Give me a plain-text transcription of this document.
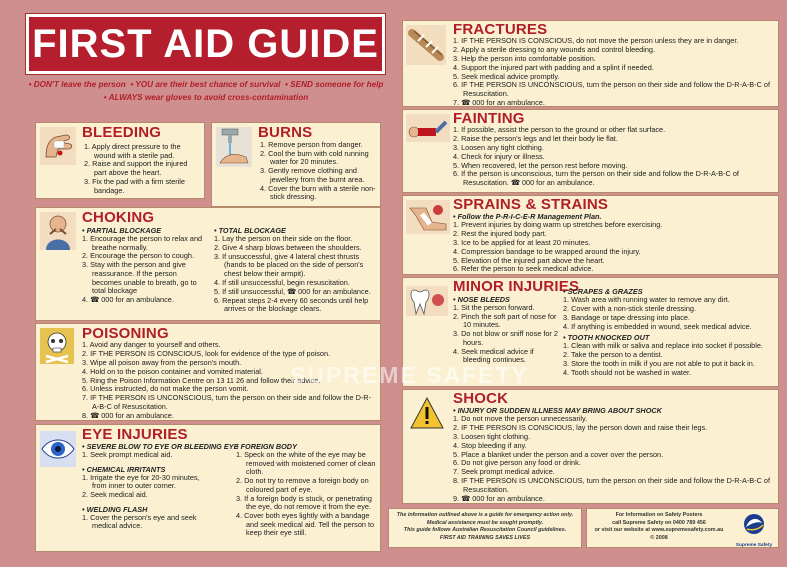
FIRST AID GUIDE
• DON'T leave the person • YOU are their best chance of survival • SEND someone for help
• ALWAYS wear gloves to avoid cross-contamination
BLEEDING
1. Apply direct pressure to the wound with a sterile pad.
2. Raise and support the injured part above the heart.
3. Fix the pad with a firm sterile bandage.
BURNS
1. Remove person from danger.
2. Cool the burn with cold running water for 20 minutes.
3. Gently remove clothing and jewellery from the burnt area.
4. Cover the burn with a sterile non-stick dressing.
CHOKING
• PARTIAL BLOCKAGE
1. Encourage the person to relax and breathe normally.
2. Encourage the person to cough.
3. Stay with the person and give reassurance. If the person becomes unable to breath, go to total blockage
4. ☎ 000 for an ambulance.
• TOTAL BLOCKAGE
1. Lay the person on their side on the floor.
2. Give 4 sharp blows between the shoulders.
3. If unsuccessful, give 4 lateral chest thrusts (hands to be placed on the side of person's chest below their armpit).
4. If still unsuccessful, begin resuscitation.
5. If still unsuccessful, ☎ 000 for an ambulance.
6. Repeat steps 2-4 every 60 seconds until help arrives or the blockage clears.
POISONING
1. Avoid any danger to yourself and others.
2. IF THE PERSON IS CONSCIOUS, look for evidence of the type of poison.
3. Wipe all poison away from the person's mouth.
4. Hold on to the poison container and vomited material.
5. Ring the Poison Information Centre on 13 11 26 and follow their advice.
6. Unless instructed, do not make the person vomit.
7. IF THE PERSON IS UNCONSCIOUS, turn the person on their side and follow the D-R-A-B-C of Resuscitation.
8. ☎ 000 for an ambulance.
EYE INJURIES
• SEVERE BLOW TO EYE OR BLEEDING EYE
1. Seek prompt medical aid.
• CHEMICAL IRRITANTS
1. Irrigate the eye for 20-30 minutes, from inner to outer corner.
2. Seek medical aid.
• WELDING FLASH
1. Cover the person's eye and seek medical advice.
• FOREIGN BODY
1. Speck on the white of the eye may be removed with moistened corner of clean cloth.
2. Do not try to remove a foreign body on coloured part of eye.
3. If a foreign body is stuck, or penetrating the eye, do not remove it from the eye.
4. Cover both eyes lightly with a bandage and seek medical aid. Tell the person to keep their eye still.
FRACTURES
1. IF THE PERSON IS CONSCIOUS, do not move the person unless they are in danger.
2. Apply a sterile dressing to any wounds and control bleeding.
3. Help the person into comfortable position.
4. Support the injured part with padding and a splint if needed.
5. Seek medical advice promptly.
6. IF THE PERSON IS UNCONSCIOUS, turn the person on their side and follow the D-R-A-B-C of Resuscitation.
7. ☎ 000 for an ambulance.
FAINTING
1. If possible, assist the person to the ground or other flat surface.
2. Raise the person's legs and let their body lie flat.
3. Loosen any tight clothing.
4. Check for injury or illness.
5. When recovered, let the person rest before moving.
6. If the person is unconscious, turn the person on their side and follow the D-R-A-B-C of Resuscitation. ☎ 000 for an ambulance.
SPRAINS & STRAINS
• Follow the P-R-I-C-E-R Management Plan.
1. Prevent injuries by doing warm up stretches before exercising.
2. Rest the injured body part.
3. Ice to be applied for at least 20 minutes.
4. Compression bandage to be wrapped around the injury.
5. Elevation of the injured part above the heart.
6. Refer the person to seek medical advice.
MINOR INJURIES
• NOSE BLEEDS
1. Sit the person forward.
2. Pinch the soft part of nose for 10 minutes.
3. Do not blow or sniff nose for 2 hours.
4. Seek medical advice if bleeding continues.
• SCRAPES & GRAZES
1. Wash area with running water to remove any dirt.
2. Cover with a non-stick sterile dressing.
3. Bandage or tape dressing into place.
4. If anything is embedded in wound, seek medical advice.
• TOOTH KNOCKED OUT
1. Clean with milk or saliva and replace into socket if possible.
2. Take the person to a dentist.
3. Store the tooth in milk if you are not able to put it back in.
4. Tooth should not be washed in water.
SHOCK
• INJURY OR SUDDEN ILLNESS MAY BRING ABOUT SHOCK
1. Do not move the person unnecessarily.
2. IF THE PERSON IS CONSCIOUS, lay the person down and raise their legs.
3. Loosen tight clothing.
4. Stop bleeding if any.
5. Place a blanket under the person and a cover over the person.
6. Do not give person any food or drink.
7. Seek prompt medical advice.
8. IF THE PERSON IS UNCONSCIOUS, turn the person on their side and follow the D-R-A-B-C of Resuscitation.
9. ☎ 000 for an ambulance.
The information outlined above is a guide for emergency action only.
Medical assistance must be sought promptly.
This guide follows Australian Resuscitation Council guidelines.
FIRST AID TRAINING SAVES LIVES
For Information on Safety Posters
call Supreme Safety on 0400 789 456
or visit our website at www.supremesafety.com.au
© 2008
Supreme Safety
SUPREME SAFETY
